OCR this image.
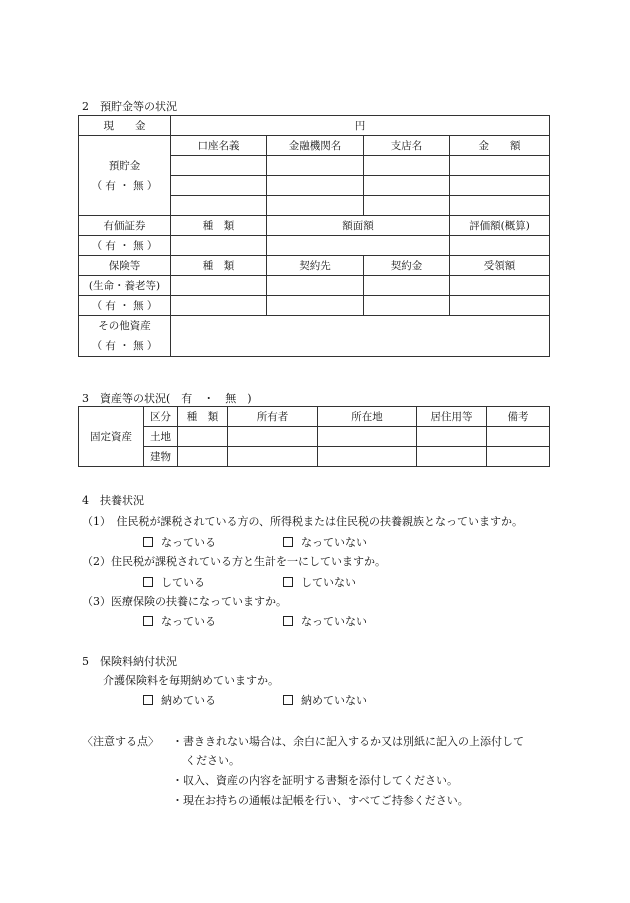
2　預貯金等の状況
現　　金	円			

預貯金
（ 有 ・ 無 ）	口座名義	金融機関名	支店名	金　　額

有価証券	種　類	額面額		評価額(概算)
（ 有 ・ 無 ）				
保険等	種　類	契約先	契約金	受領額
(生命・養老等)				
（ 有 ・ 無 ）				

その他資産
（ 有 ・ 無 ）				

3　資産等の状況(　有　・　無　)
固定資産	区分	種　類	所有者	所在地	居住用等	備考
	土地					
	建物					
4　扶養状況
（1）　住民税が課税されている方の、所得税または住民税の扶養親族となっていますか。
なっている	なっていない
（2）住民税が課税されている方と生計を一にしていますか。
している	していない
（3）医療保険の扶養になっていますか。
なっている	なっていない
5　保険料納付状況
介護保険料を毎期納めていますか。
納めている	納めていない
〈注意する点〉 ・書ききれない場合は、余白に記入するか又は別紙に記入の上添付して
ください。
・収入、資産の内容を証明する書類を添付してください。
・現在お持ちの通帳は記帳を行い、すべてご持参ください。
